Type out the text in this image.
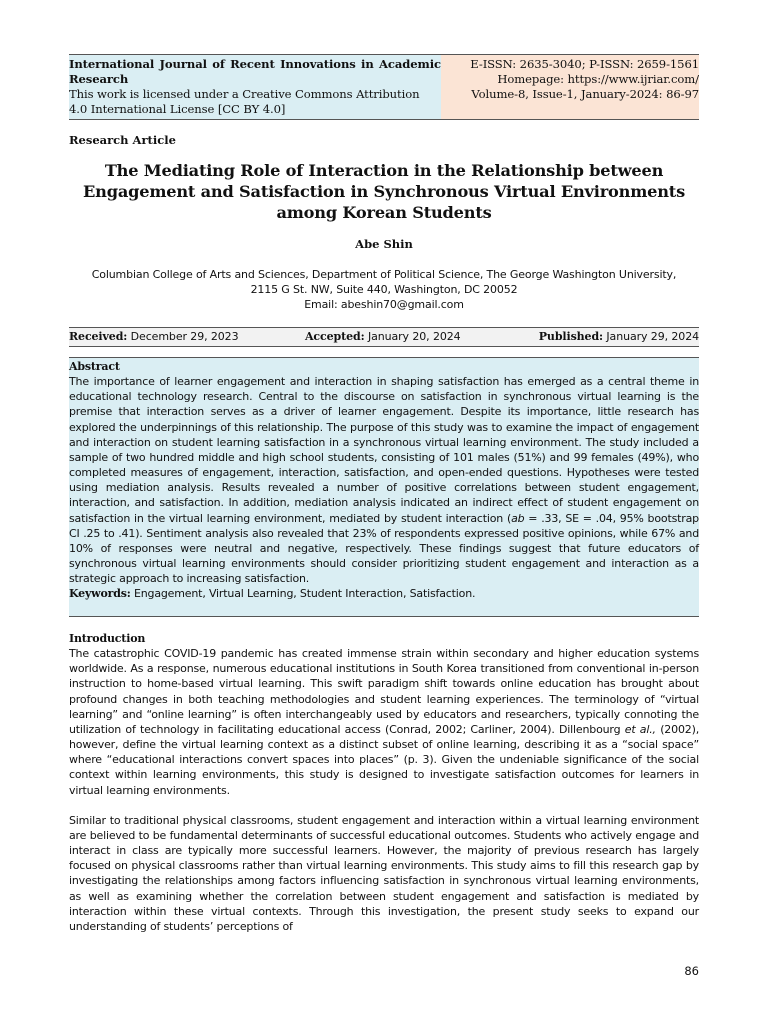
International Journal of Recent Innovations in Academic Research
This work is licensed under a Creative Commons Attribution 4.0 International License [CC BY 4.0]
E-ISSN: 2635-3040; P-ISSN: 2659-1561
Homepage: https://www.ijriar.com/
Volume-8, Issue-1, January-2024: 86-97
Research Article
The Mediating Role of Interaction in the Relationship between Engagement and Satisfaction in Synchronous Virtual Environments among Korean Students
Abe Shin
Columbian College of Arts and Sciences, Department of Political Science, The George Washington University,
2115 G St. NW, Suite 440, Washington, DC 20052
Email: abeshin70@gmail.com
Received: December 29, 2023	Accepted: January 20, 2024	Published: January 29, 2024
Abstract
The importance of learner engagement and interaction in shaping satisfaction has emerged as a central theme in educational technology research. Central to the discourse on satisfaction in synchronous virtual learning is the premise that interaction serves as a driver of learner engagement. Despite its importance, little research has explored the underpinnings of this relationship. The purpose of this study was to examine the impact of engagement and interaction on student learning satisfaction in a synchronous virtual learning environment. The study included a sample of two hundred middle and high school students, consisting of 101 males (51%) and 99 females (49%), who completed measures of engagement, interaction, satisfaction, and open-ended questions. Hypotheses were tested using mediation analysis. Results revealed a number of positive correlations between student engagement, interaction, and satisfaction. In addition, mediation analysis indicated an indirect effect of student engagement on satisfaction in the virtual learning environment, mediated by student interaction (ab = .33, SE = .04, 95% bootstrap CI .25 to .41). Sentiment analysis also revealed that 23% of respondents expressed positive opinions, while 67% and 10% of responses were neutral and negative, respectively. These findings suggest that future educators of synchronous virtual learning environments should consider prioritizing student engagement and interaction as a strategic approach to increasing satisfaction.
Keywords: Engagement, Virtual Learning, Student Interaction, Satisfaction.
Introduction

The catastrophic COVID-19 pandemic has created immense strain within secondary and higher education systems worldwide. As a response, numerous educational institutions in South Korea transitioned from conventional in-person instruction to home-based virtual learning. This swift paradigm shift towards online education has brought about profound changes in both teaching methodologies and student learning experiences. The terminology of “virtual learning” and “online learning” is often interchangeably used by educators and researchers, typically connoting the utilization of technology in facilitating educational access (Conrad, 2002; Carliner, 2004). Dillenbourg et al., (2002), however, define the virtual learning context as a distinct subset of online learning, describing it as a “social space” where “educational interactions convert spaces into places” (p. 3). Given the undeniable significance of the social context within learning environments, this study is designed to investigate satisfaction outcomes for learners in virtual learning environments.

Similar to traditional physical classrooms, student engagement and interaction within a virtual learning environment are believed to be fundamental determinants of successful educational outcomes. Students who actively engage and interact in class are typically more successful learners. However, the majority of previous research has largely focused on physical classrooms rather than virtual learning environments. This study aims to fill this research gap by investigating the relationships among factors influencing satisfaction in synchronous virtual learning environments, as well as examining whether the correlation between student engagement and satisfaction is mediated by interaction within these virtual contexts. Through this investigation, the present study seeks to expand our understanding of students’ perceptions of

86
